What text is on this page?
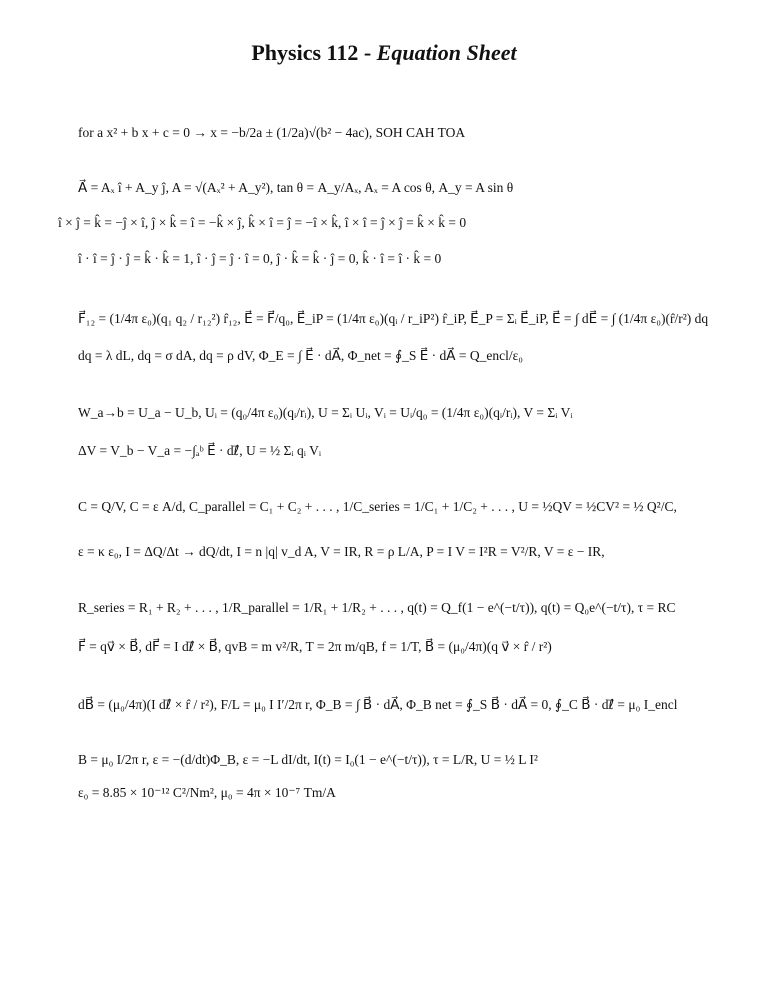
Physics 112 - Equation Sheet
for a x² + b x + c = 0 → x = −b/2a ± (1/2a)√(b² − 4ac), SOH CAH TOA
A⃗ = Aₓ î + A_y ĵ, A = √(Aₓ² + A_y²), tan θ = A_y/Aₓ, Aₓ = A cos θ, A_y = A sin θ
î × ĵ = k̂ = −ĵ × î, ĵ × k̂ = î = −k̂ × ĵ, k̂ × î = ĵ = −î × k̂, î × î = ĵ × ĵ = k̂ × k̂ = 0
î · î = ĵ · ĵ = k̂ · k̂ = 1, î · ĵ = ĵ · î = 0, ĵ · k̂ = k̂ · ĵ = 0, k̂ · î = î · k̂ = 0
F⃗₁₂ = (1/4π ε₀)(q₁ q₂ / r₁₂²) r̂₁₂, E⃗ = F⃗/q₀, E⃗_iP = (1/4π ε₀)(qᵢ / r_iP²) r̂_iP, E⃗_P = Σᵢ E⃗_iP, E⃗ = ∫ dE⃗ = ∫ (1/4π ε₀)(r̂/r²) dq
dq = λ dL, dq = σ dA, dq = ρ dV, Φ_E = ∫ E⃗ · dA⃗, Φ_net = ∮_S E⃗ · dA⃗ = Q_encl/ε₀
W_a→b = U_a − U_b, Uᵢ = (q₀/4π ε₀)(qᵢ/rᵢ), U = Σᵢ Uᵢ, Vᵢ = Uᵢ/q₀ = (1/4π ε₀)(qᵢ/rᵢ), V = Σᵢ Vᵢ
ΔV = V_b − V_a = −∫ₐᵇ E⃗ · dℓ⃗, U = ½ Σᵢ qᵢ Vᵢ
C = Q/V, C = ε A/d, C_parallel = C₁ + C₂ + . . . , 1/C_series = 1/C₁ + 1/C₂ + . . . , U = ½QV = ½CV² = ½ Q²/C,
ε = κ ε₀, I = ΔQ/Δt → dQ/dt, I = n |q| v_d A, V = IR, R = ρ L/A, P = I V = I²R = V²/R, V = ε − IR,
R_series = R₁ + R₂ + . . . , 1/R_parallel = 1/R₁ + 1/R₂ + . . . , q(t) = Q_f(1 − e^(−t/τ)), q(t) = Q₀e^(−t/τ), τ = RC
F⃗ = qv⃗ × B⃗, dF⃗ = I dℓ⃗ × B⃗, qvB = m v²/R, T = 2π m/qB, f = 1/T, B⃗ = (μ₀/4π)(q v⃗ × r̂ / r²)
dB⃗ = (μ₀/4π)(I dℓ⃗ × r̂ / r²), F/L = μ₀ I I′/2π r, Φ_B = ∫ B⃗ · dA⃗, Φ_B net = ∮_S B⃗ · dA⃗ = 0, ∮_C B⃗ · dℓ⃗ = μ₀ I_encl
B = μ₀ I/2π r, ε = −(d/dt)Φ_B, ε = −L dI/dt, I(t) = I₀(1 − e^(−t/τ)), τ = L/R, U = ½ L I²
ε₀ = 8.85 × 10⁻¹² C²/Nm², μ₀ = 4π × 10⁻⁷ Tm/A
